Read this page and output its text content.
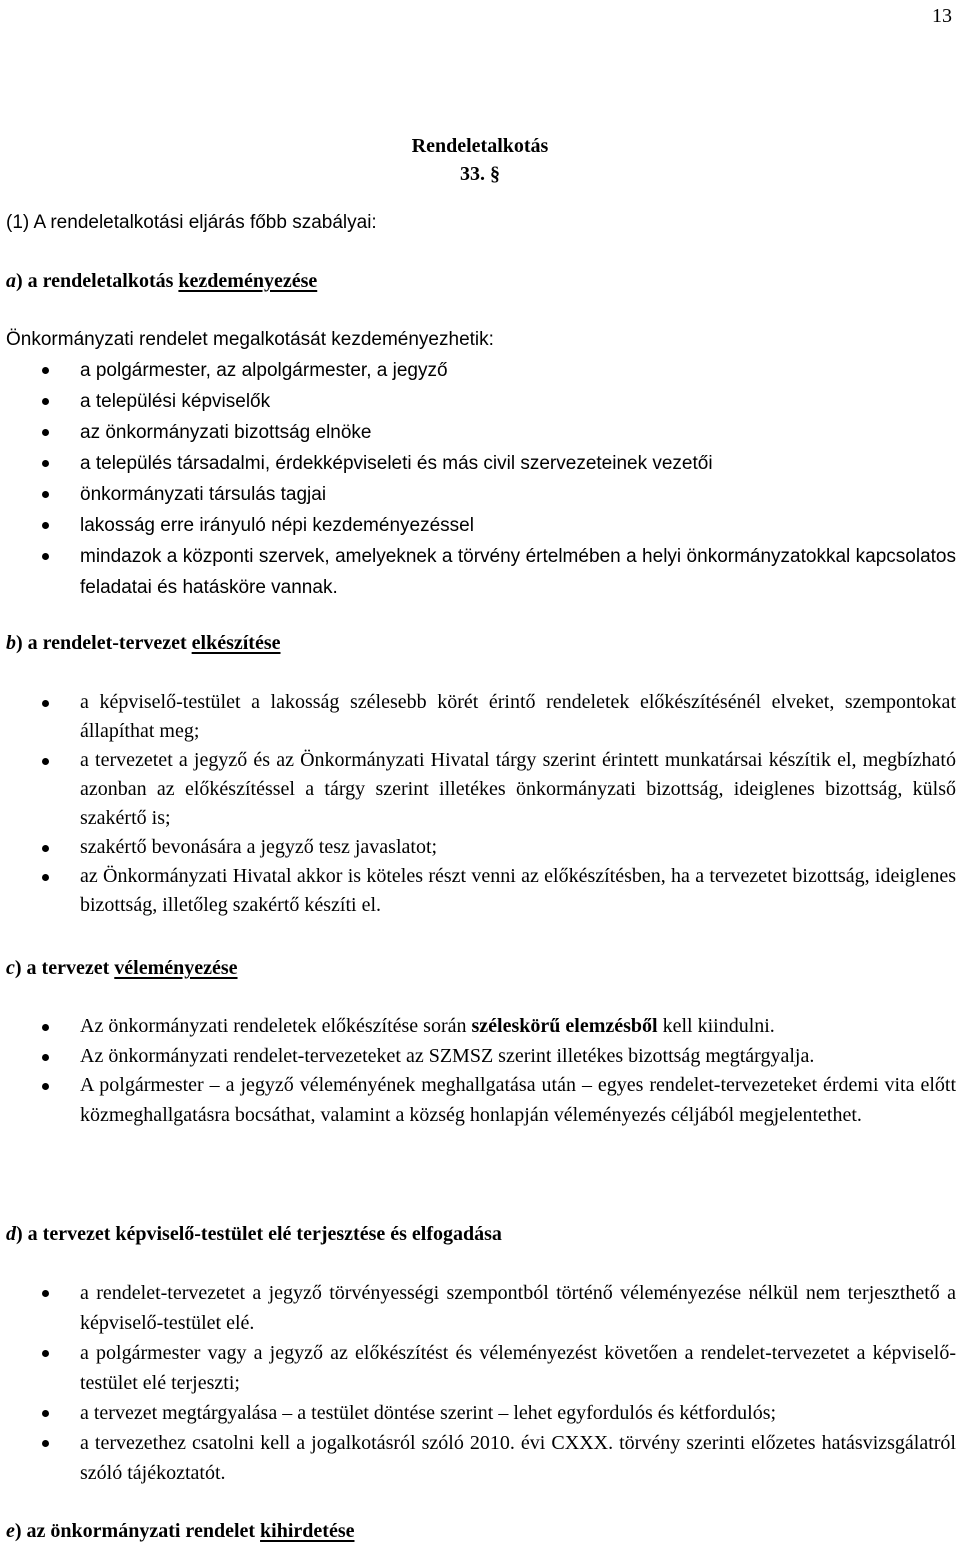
13
Rendeletalkotás
33. §
(1) A rendeletalkotási eljárás főbb szabályai:
a) a rendeletalkotás kezdeményezése
Önkormányzati rendelet megalkotását kezdeményezhetik:
a polgármester, az alpolgármester, a jegyző
a települési képviselők
az önkormányzati bizottság elnöke
a település társadalmi, érdekképviseleti és más civil szervezeteinek vezetői
önkormányzati társulás tagjai
lakosság erre irányuló népi kezdeményezéssel
mindazok a központi szervek, amelyeknek a törvény értelmében a helyi önkormányzatokkal kapcsolatos feladatai és hatásköre vannak.
b) a rendelet-tervezet elkészítése
a képviselő-testület a lakosság szélesebb körét érintő rendeletek előkészítésénél elveket, szempontokat állapíthat meg;
a tervezetet a jegyző és az Önkormányzati Hivatal tárgy szerint érintett munkatársai készítik el, megbízható azonban az előkészítéssel a tárgy szerint illetékes önkormányzati bizottság, ideiglenes bizottság, külső szakértő is;
szakértő bevonására a jegyző tesz javaslatot;
az Önkormányzati Hivatal akkor is köteles részt venni az előkészítésben, ha a tervezetet bizottság, ideiglenes bizottság, illetőleg szakértő készíti el.
c) a tervezet véleményezése
Az önkormányzati rendeletek előkészítése során széleskörű elemzésből kell kiindulni.
Az önkormányzati rendelet-tervezeteket az SZMSZ szerint illetékes bizottság megtárgyalja.
A polgármester – a jegyző véleményének meghallgatása után – egyes rendelet-tervezeteket érdemi vita előtt közmeghallgatásra bocsáthat, valamint a község honlapján véleményezés céljából megjelentethet.
d) a tervezet képviselő-testület elé terjesztése és elfogadása
a rendelet-tervezetet a jegyző törvényességi szempontból történő véleményezése nélkül nem terjeszthető a képviselő-testület elé.
a polgármester vagy a jegyző az előkészítést és véleményezést követően a rendelet-tervezetet a képviselő-testület elé terjeszti;
a tervezet megtárgyalása – a testület döntése szerint – lehet egyfordulós és kétfordulós;
a tervezethez csatolni kell a jogalkotásról szóló 2010. évi CXXX. törvény szerinti előzetes hatásvizsgálatról szóló tájékoztatót.
e) az önkormányzati rendelet kihirdetése
